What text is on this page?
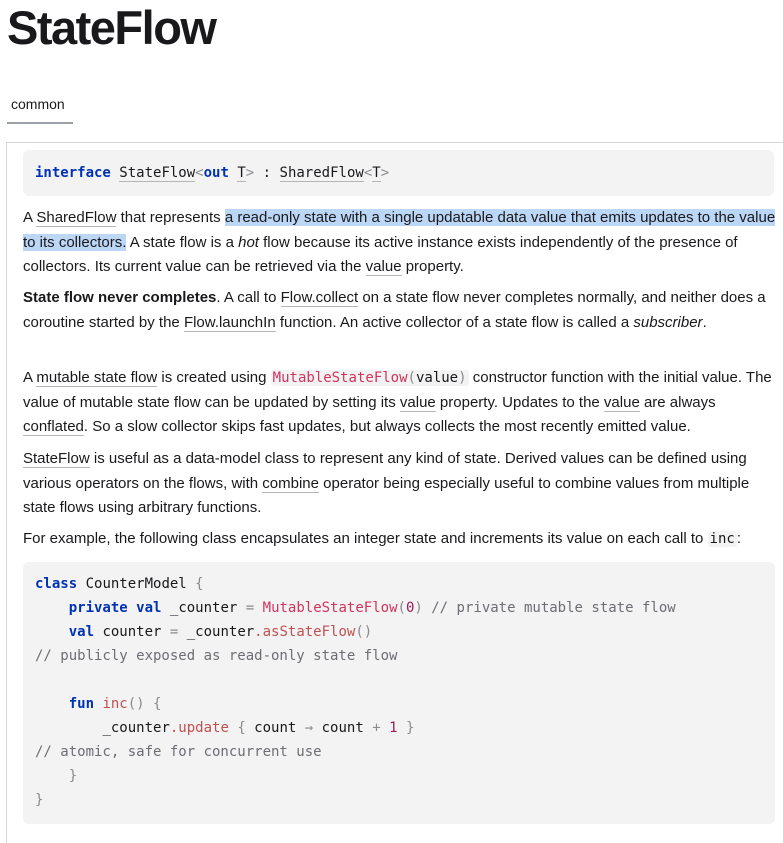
StateFlow
common
interface StateFlow<out T> : SharedFlow<T>
A SharedFlow that represents a read-only state with a single updatable data value that emits updates to the value to its collectors. A state flow is a hot flow because its active instance exists independently of the presence of collectors. Its current value can be retrieved via the value property.
State flow never completes. A call to Flow.collect on a state flow never completes normally, and neither does a coroutine started by the Flow.launchIn function. An active collector of a state flow is called a subscriber.
A mutable state flow is created using MutableStateFlow(value) constructor function with the initial value. The value of mutable state flow can be updated by setting its value property. Updates to the value are always conflated. So a slow collector skips fast updates, but always collects the most recently emitted value.
StateFlow is useful as a data-model class to represent any kind of state. Derived values can be defined using various operators on the flows, with combine operator being especially useful to combine values from multiple state flows using arbitrary functions.
For example, the following class encapsulates an integer state and increments its value on each call to inc :
class CounterModel {
private val _counter = MutableStateFlow(0) // private mutable state flow
val counter = _counter.asStateFlow()
// publicly exposed as read-only state flow
fun inc() {
_counter.update { count → count + 1 }
// atomic, safe for concurrent use
}
}
